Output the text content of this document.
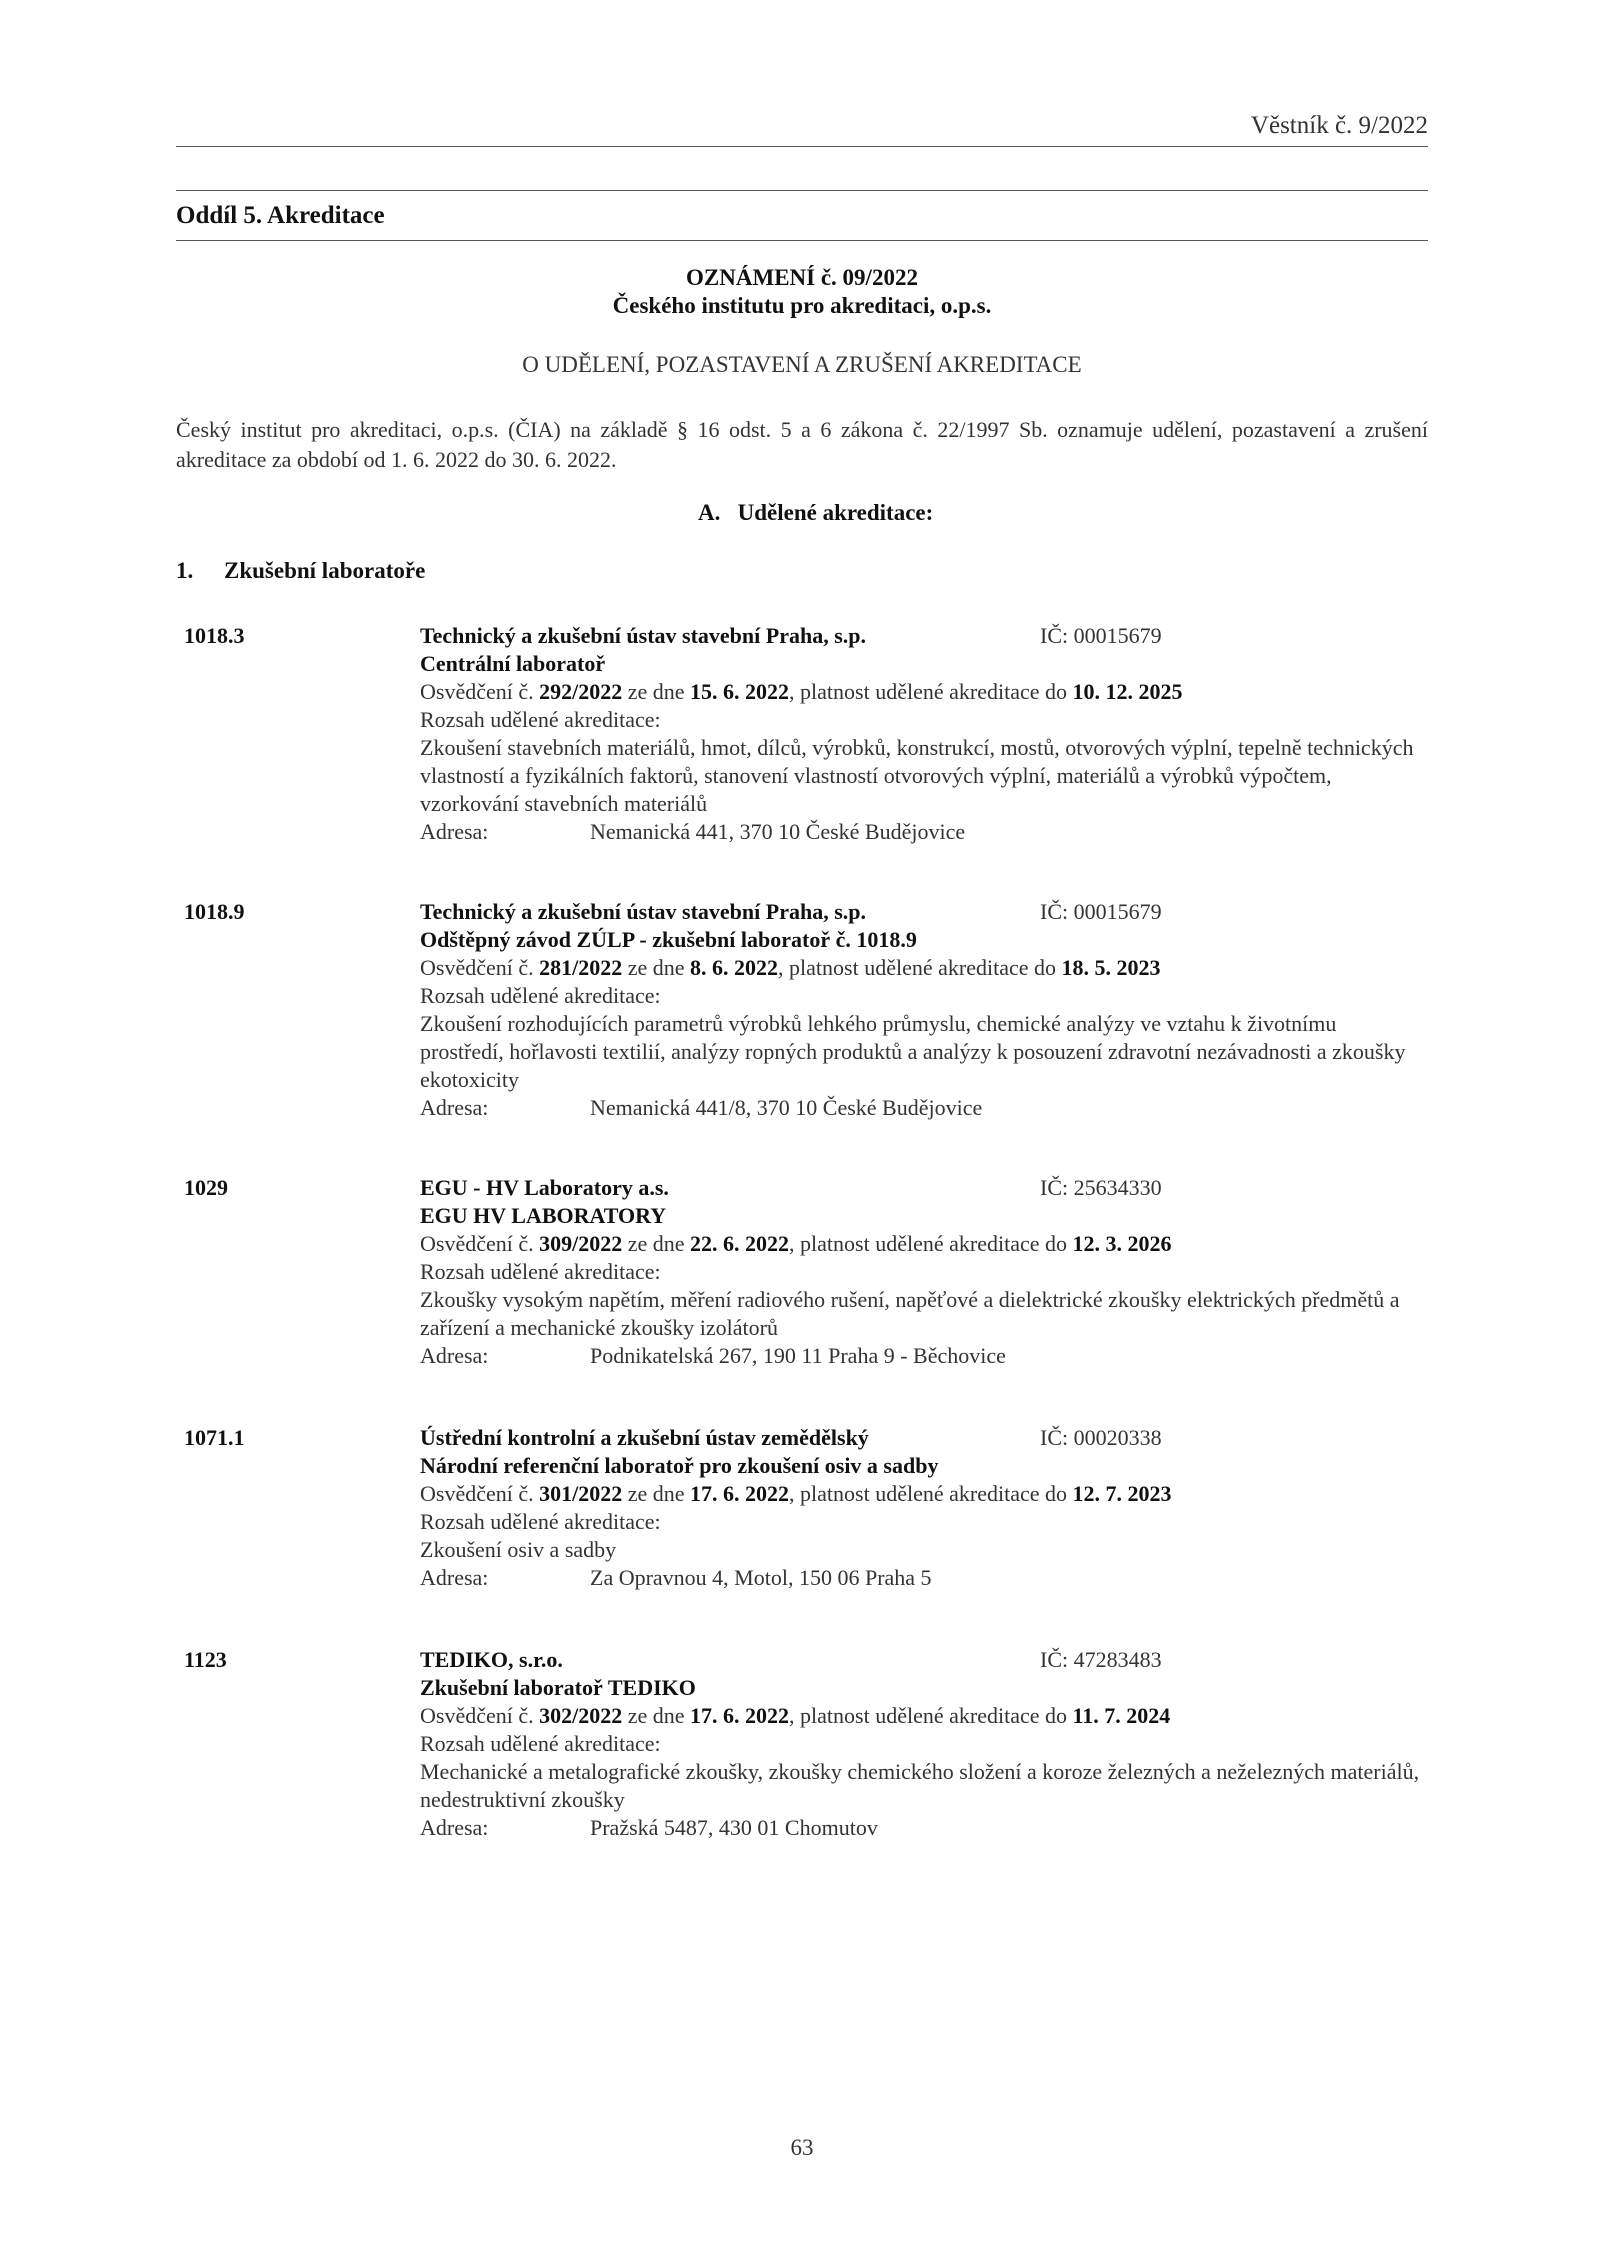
Věstník č. 9/2022
Oddíl 5. Akreditace
OZNÁMENÍ č. 09/2022
Českého institutu pro akreditaci, o.p.s.
O UDĚLENÍ, POZASTAVENÍ A ZRUŠENÍ AKREDITACE
Český institut pro akreditaci, o.p.s. (ČIA) na základě § 16 odst. 5 a 6 zákona č. 22/1997 Sb. oznamuje udělení, pozastavení a zrušení akreditace za období od 1. 6. 2022 do 30. 6. 2022.
A.   Udělené akreditace:
1. Zkušební laboratoře
1018.3	Technický a zkušební ústav stavební Praha, s.p.	IČ: 00015679
Centrální laboratoř
Osvědčení č. 292/2022 ze dne 15. 6. 2022, platnost udělené akreditace do 10. 12. 2025
Rozsah udělené akreditace:
Zkoušení stavebních materiálů, hmot, dílců, výrobků, konstrukcí, mostů, otvorových výplní, tepelně technických vlastností a fyzikálních faktorů, stanovení vlastností otvorových výplní, materiálů a výrobků výpočtem, vzorkování stavebních materiálů
Adresa:	Nemanická 441, 370 10 České Budějovice
1018.9	Technický a zkušební ústav stavební Praha, s.p.	IČ: 00015679
Odštěpný závod ZÚLP - zkušební laboratoř č. 1018.9
Osvědčení č. 281/2022 ze dne 8. 6. 2022, platnost udělené akreditace do 18. 5. 2023
Rozsah udělené akreditace:
Zkoušení rozhodujících parametrů výrobků lehkého průmyslu, chemické analýzy ve vztahu k životnímu prostředí, hořlavosti textilií, analýzy ropných produktů a analýzy k posouzení zdravotní nezávadnosti a zkoušky ekotoxicity
Adresa:	Nemanická 441/8, 370 10 České Budějovice
1029	EGU - HV Laboratory a.s.	IČ: 25634330
EGU HV LABORATORY
Osvědčení č. 309/2022 ze dne 22. 6. 2022, platnost udělené akreditace do 12. 3. 2026
Rozsah udělené akreditace:
Zkoušky vysokým napětím, měření radiového rušení, napěťové a dielektrické zkoušky elektrických předmětů a zařízení a mechanické zkoušky izolátorů
Adresa:	Podnikatelská 267, 190 11 Praha 9 - Běchovice
1071.1	Ústřední kontrolní a zkušební ústav zemědělský	IČ: 00020338
Národní referenční laboratoř pro zkoušení osiv a sadby
Osvědčení č. 301/2022 ze dne 17. 6. 2022, platnost udělené akreditace do 12. 7. 2023
Rozsah udělené akreditace:
Zkoušení osiv a sadby
Adresa:	Za Opravnou 4, Motol, 150 06 Praha 5
1123	TEDIKO, s.r.o.	IČ: 47283483
Zkušební laboratoř TEDIKO
Osvědčení č. 302/2022 ze dne 17. 6. 2022, platnost udělené akreditace do 11. 7. 2024
Rozsah udělené akreditace:
Mechanické a metalografické zkoušky, zkoušky chemického složení a koroze železných a neželezných materiálů, nedestruktivní zkoušky
Adresa:	Pražská 5487, 430 01 Chomutov
63
